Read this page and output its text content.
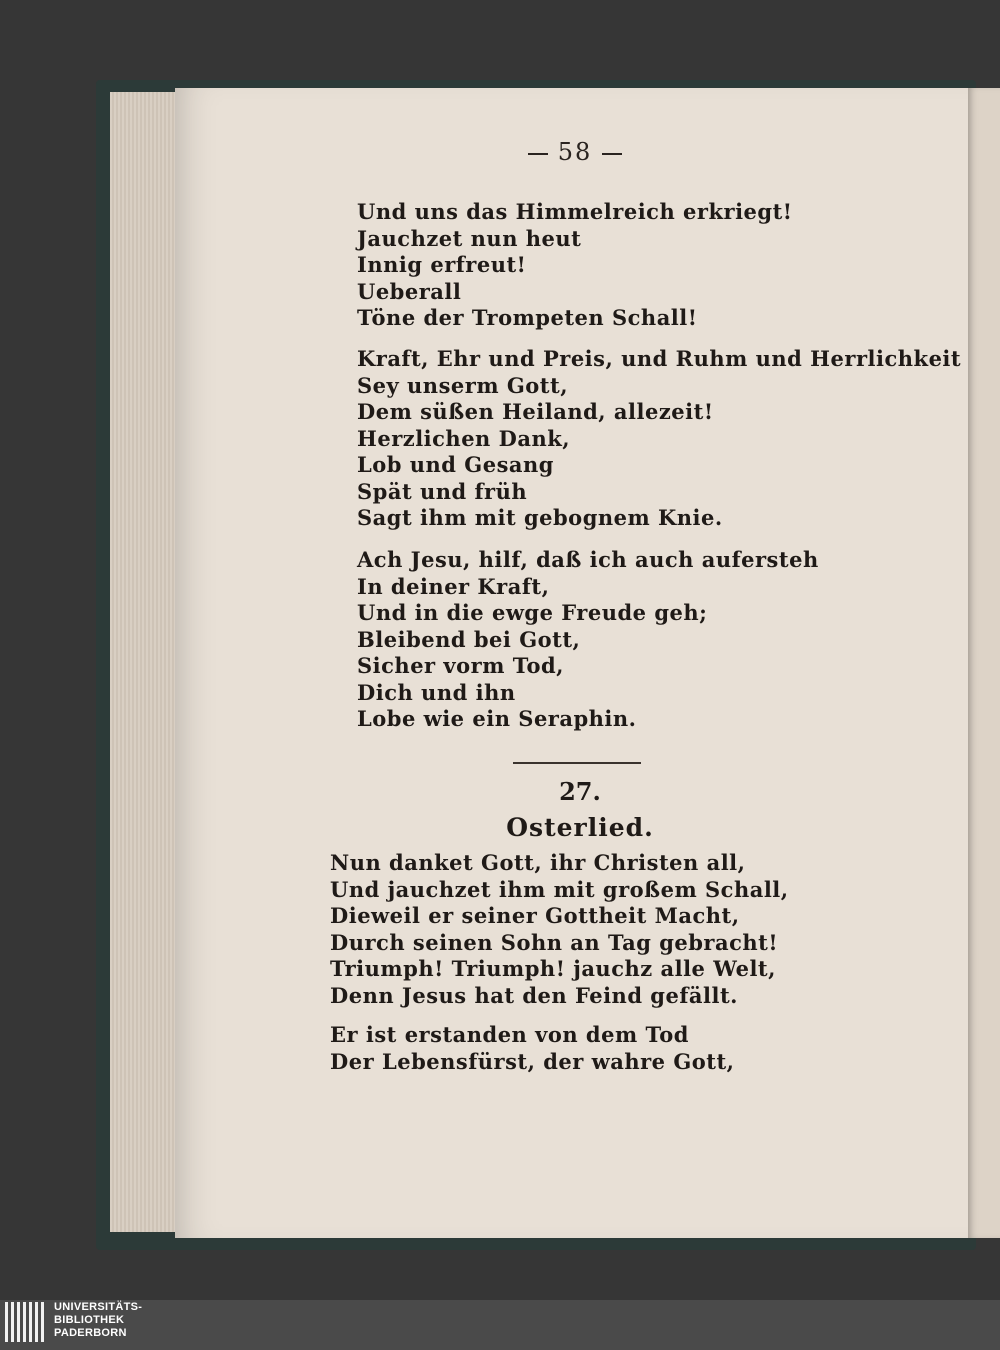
58
Und uns das Himmelreich erkriegt!
Jauchzet nun heut
Innig erfreut!
Ueberall
Töne der Trompeten Schall!
Kraft, Ehr und Preis, und Ruhm und Herrlichkeit
Sey unserm Gott,
Dem süßen Heiland, allezeit!
Herzlichen Dank,
Lob und Gesang
Spät und früh
Sagt ihm mit gebognem Knie.
Ach Jesu, hilf, daß ich auch aufersteh
In deiner Kraft,
Und in die ewge Freude geh;
Bleibend bei Gott,
Sicher vorm Tod,
Dich und ihn
Lobe wie ein Seraphin.
27.
Osterlied.
Nun danket Gott, ihr Christen all,
Und jauchzet ihm mit großem Schall,
Dieweil er seiner Gottheit Macht,
Durch seinen Sohn an Tag gebracht!
Triumph! Triumph! jauchz alle Welt,
Denn Jesus hat den Feind gefällt.
Er ist erstanden von dem Tod
Der Lebensfürst, der wahre Gott,
UNIVERSITÄTS-
BIBLIOTHEK
PADERBORN
